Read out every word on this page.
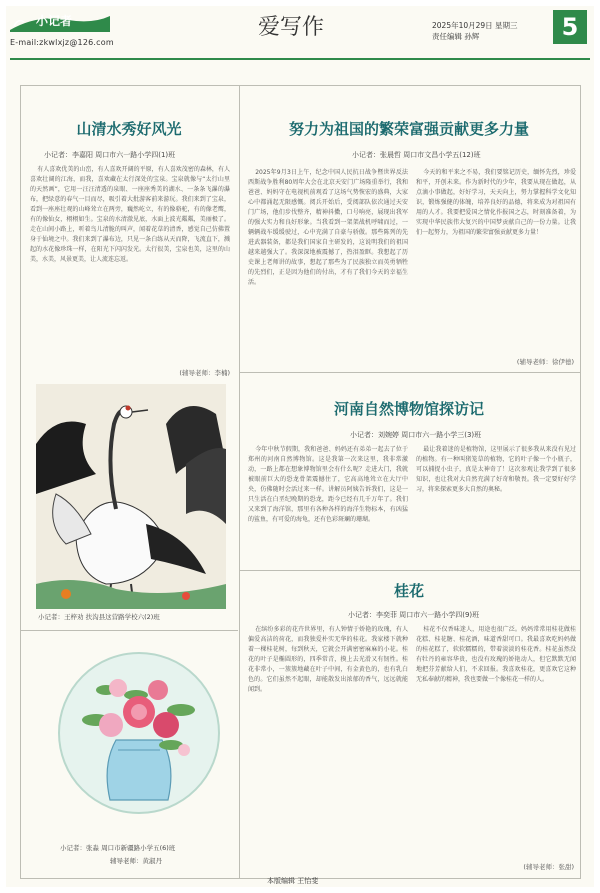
小记者
E-mail:zkwlxjz@126.com
爱写作	2025年10月29日 星期三
责任编辑 孙辉	5
山清水秀好风光
小记者：李嘉阳 周口市六一路小学四(1)班
有人喜欢优美的山峦，有人喜欢开阔的平原，有人喜欢茂密的森林，有人喜欢壮阔的江海，而我，喜欢藏在太行深处的宝泉。宝泉就像与“太行山里的天然画”，它用一汪汪清透的泉眼、一座座秀美的湖水、一条条飞瀑的瀑布，把绿意的春气一目而尽，吸引着大批游客前来游玩。我们来到了宝泉，看到一座座壮观的山峰耸立在两旁，巍然屹立，有的像骆驼，有的像老鹰，有的像仙女，栩栩如生。宝泉的水清澈见底，水面上波光粼粼，美丽极了。走在山间小路上，听着鸟儿清脆的叫声，闻着花草的清香，感觉自己仿佛置身于仙境之中。我们来到了瀑布边，只见一条白练从天而降，飞流直下，溅起的水花像珍珠一样，在阳光下闪闪发光。太行很美，宝泉也美，这里的山美，水美，风景更美，让人流连忘返。
(辅导老师：李楠)
小记者：王梓劝 扶沟县这营路学校六(2)班
小记者：张淼 周口市新疆路小学五(6)班
辅导老师：黄淑丹
努力为祖国的繁荣富强贡献更多力量
小记者：张晨哲 周口市文昌小学五(12)班
2025年9月3日上午，纪念中国人民抗日战争暨世界反法西斯战争胜利80周年大会在北京天安门广场隆重举行，我和爸爸、妈妈守在电视机前观看了这场气势恢宏的盛典，大家心中都涌起无限感慨。阅兵开始后，受阅部队依次通过天安门广场，他们步伐整齐，精神抖擞，口号响亮，展现出我军的强大实力和良好形象。当我看到一架架战机呼啸而过，一辆辆战车缓缓驶过，心中充满了自豪与骄傲。那些陈列的先进武器装备，都是我们国家自主研发的，这说明我们的祖国越来越强大了。我深深地被震撼了，热泪盈眶。我想起了历史课上老师讲的故事，想起了那些为了民族独立而英勇牺牲的先烈们，正是因为他们的付出，才有了我们今天的幸福生活。
今天的和平来之不易，我们要铭记历史，缅怀先烈，珍爱和平，开创未来。作为新时代的少年，我要从现在做起，从点滴小事做起，好好学习，天天向上，努力掌握科学文化知识，锻炼强健的体魄，培养良好的品德，将来成为对祖国有用的人才。我要把爱国之情化作报国之志，时刻准备着，为实现中华民族伟大复兴的中国梦贡献自己的一份力量。让我们一起努力，为祖国的繁荣富强贡献更多力量！
(辅导老师：徐伊德)
河南自然博物馆探访记
小记者：刘婉婷 周口市六一路小学三(3)班
今年中秋节假期，我和爸爸、妈妈还有弟弟一起去了位于郑州的河南自然博物馆。这是我第一次来这里，我非常激动，一路上都在想象博物馆里会有什么呢？走进大门，我就被眼前巨大的恐龙骨架震撼住了，它高高地耸立在大厅中央，仿佛随时会活过来一样。讲解员阿姨告诉我们，这是一只生活在白垩纪晚期的恐龙，距今已经有几千万年了。我们又来到了海洋馆，那里有各种各样的海洋生物标本，有凶猛的鲨鱼，有可爱的海龟，还有色彩斑斓的珊瑚。
最让我着迷的是植物馆，这里展示了很多我从来没有见过的植物。有一种叫猪笼草的植物，它的叶子像一个小瓶子，可以捕捉小虫子，真是太神奇了！这次参观让我学到了很多知识，也让我对大自然充满了好奇和敬畏。我一定要好好学习，将来探索更多大自然的奥秘。
桂花
小记者：李奕菲 周口市六一路小学四(9)班
在缤纷多彩的花卉世界里，有人钟情于娇艳的玫瑰，有人偏爱高洁的荷花，而我独爱朴实无华的桂花。我家楼下就种着一棵桂花树，每到秋天，它就会开满密密麻麻的小花。桂花的叶子是椭圆形的，四季常青，摸上去光滑又有韧性。桂花非常小，一簇簇地藏在叶子中间，有金黄色的，也有乳白色的。它们虽然不起眼，却能散发出浓郁的香气，远远就能闻到。
桂花不仅香味迷人，用途也很广泛。妈妈常常用桂花做桂花糕、桂花糖、桂花酒，味道香甜可口。我最喜欢吃妈妈做的桂花糕了，软软糯糯的，带着淡淡的桂花香。桂花虽然没有牡丹的雍容华贵，也没有玫瑰的娇艳动人，但它默默无闻地把芬芳献给人们，不求回报。我喜欢桂花，更喜欢它这种无私奉献的精神，我也要做一个像桂花一样的人。
(辅导老师：张甜)
本版编辑 王怡斐
